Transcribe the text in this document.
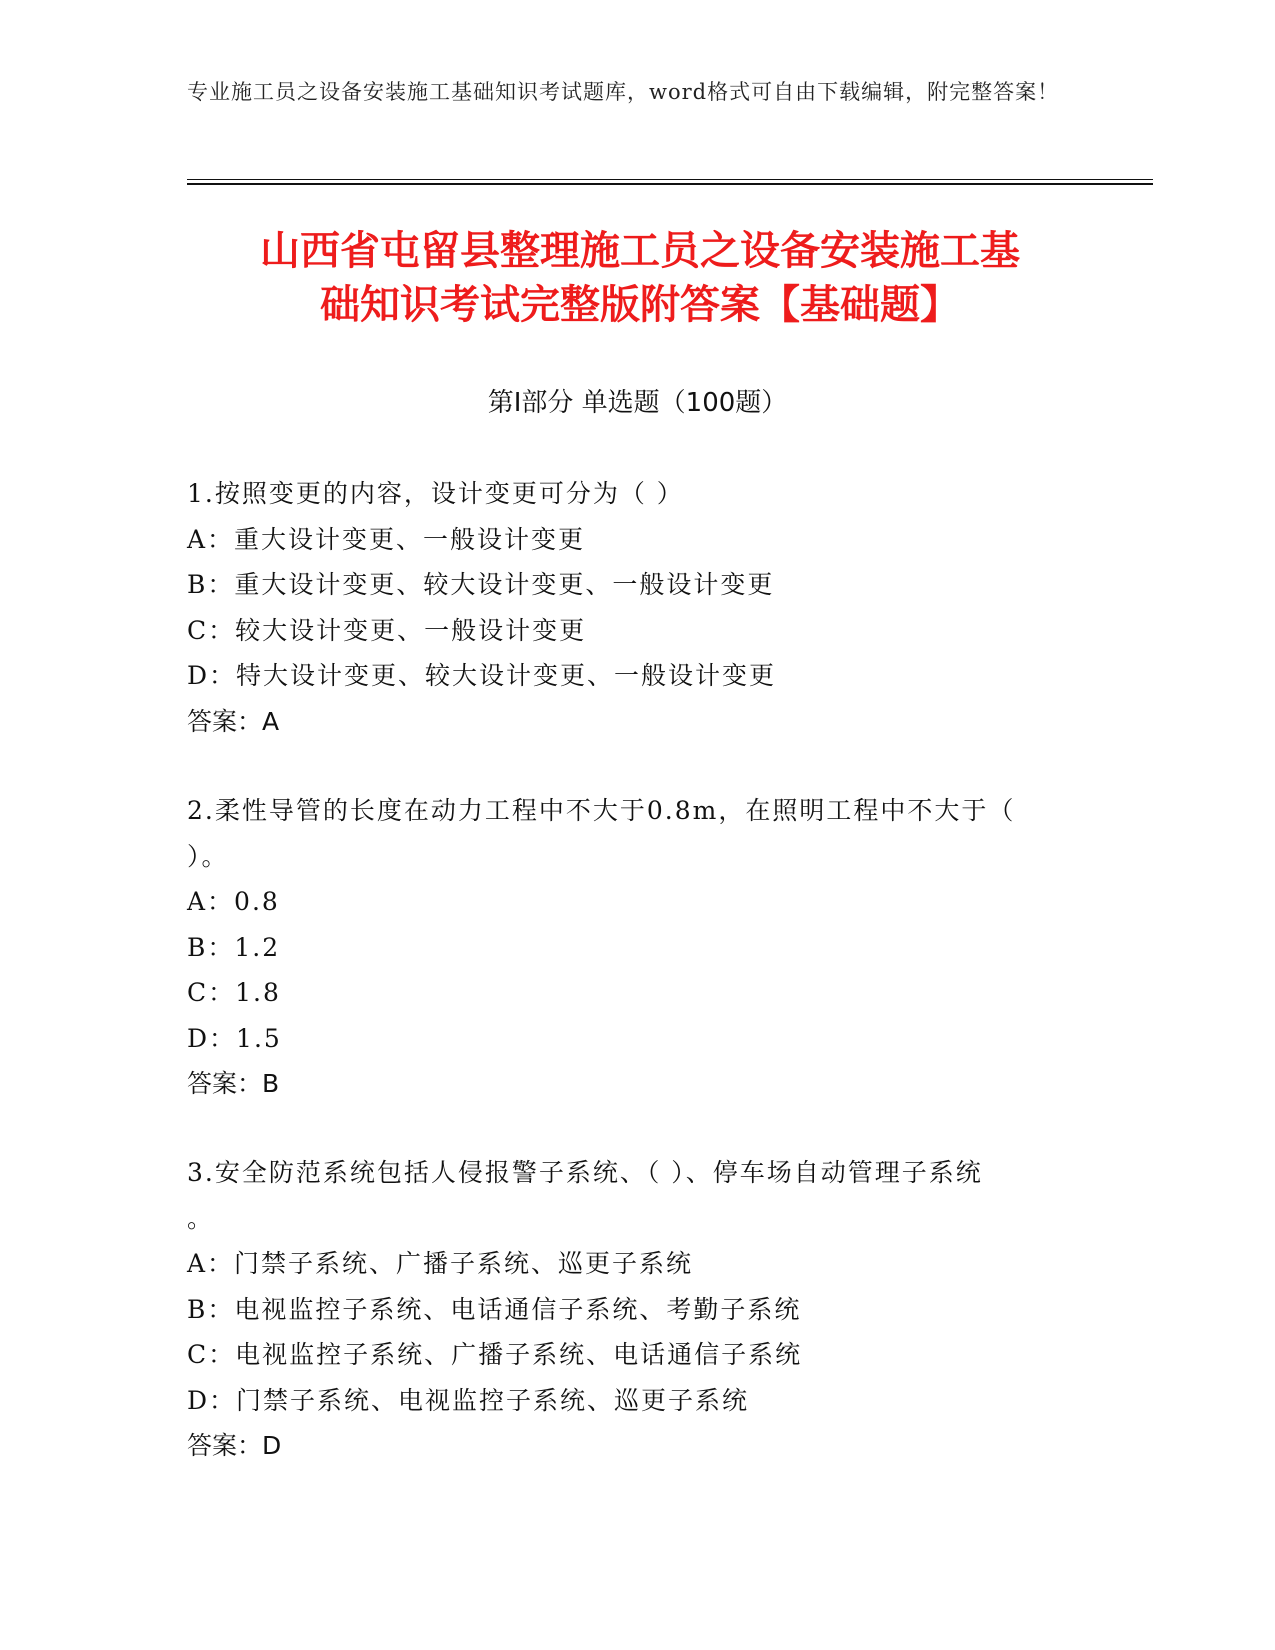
专业施工员之设备安装施工基础知识考试题库，word格式可自由下载编辑，附完整答案！
山西省屯留县整理施工员之设备安装施工基
础知识考试完整版附答案【基础题】
第Ⅰ部分 单选题（100题）
1.按照变更的内容，设计变更可分为（ ）
A：重大设计变更、一般设计变更
B：重大设计变更、较大设计变更、一般设计变更
C：较大设计变更、一般设计变更
D：特大设计变更、较大设计变更、一般设计变更
答案：A
2.柔性导管的长度在动力工程中不大于0.8m，在照明工程中不大于（
）。
A：0.8
B：1.2
C：1.8
D：1.5
答案：B
3.安全防范系统包括人侵报警子系统、（ ）、停车场自动管理子系统
。
A：门禁子系统、广播子系统、巡更子系统
B：电视监控子系统、电话通信子系统、考勤子系统
C：电视监控子系统、广播子系统、电话通信子系统
D：门禁子系统、电视监控子系统、巡更子系统
答案：D
